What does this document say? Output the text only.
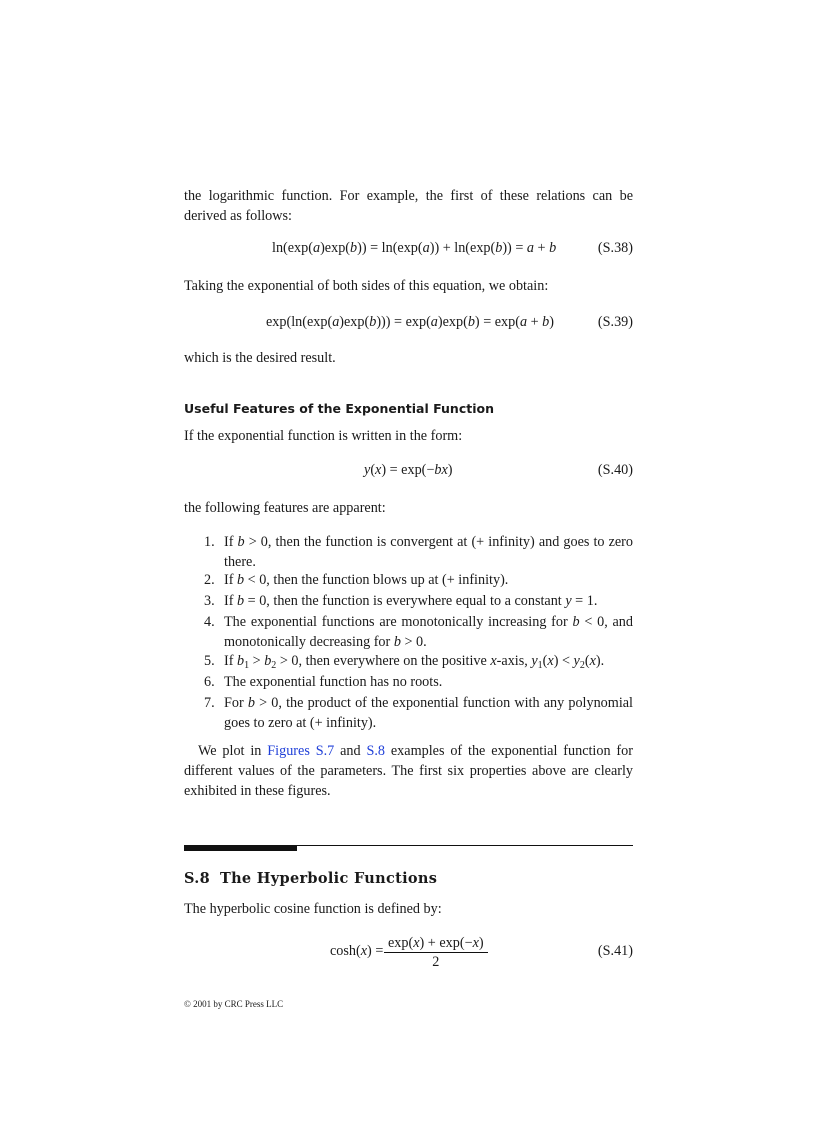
the logarithmic function. For example, the first of these relations can be derived as follows:
ln(exp(a)exp(b)) = ln(exp(a)) + ln(exp(b)) = a + b	(S.38)
Taking the exponential of both sides of this equation, we obtain:
exp(ln(exp(a)exp(b))) = exp(a)exp(b) = exp(a + b)	(S.39)
which is the desired result.
Useful Features of the Exponential Function
If the exponential function is written in the form:
y(x) = exp(−bx)	(S.40)
the following features are apparent:
1. If b > 0, then the function is convergent at (+ infinity) and goes to zero there.
2. If b < 0, then the function blows up at (+ infinity).
3. If b = 0, then the function is everywhere equal to a constant y = 1.
4. The exponential functions are monotonically increasing for b < 0, and monotonically decreasing for b > 0.
5. If $b_1 > b_2 > 0$, then everywhere on the positive x-axis, $y_1(x) < y_2(x)$.
6. The exponential function has no roots.
7. For b > 0, the product of the exponential function with any polynomial goes to zero at (+ infinity).
We plot in Figures S.7 and S.8 examples of the exponential function for different values of the parameters. The first six properties above are clearly exhibited in these figures.
S.8 The Hyperbolic Functions
The hyperbolic cosine function is defined by:
$\cosh(x) = \frac{\exp(x) + \exp(-x)}{2}$	(S.41)
© 2001 by CRC Press LLC
